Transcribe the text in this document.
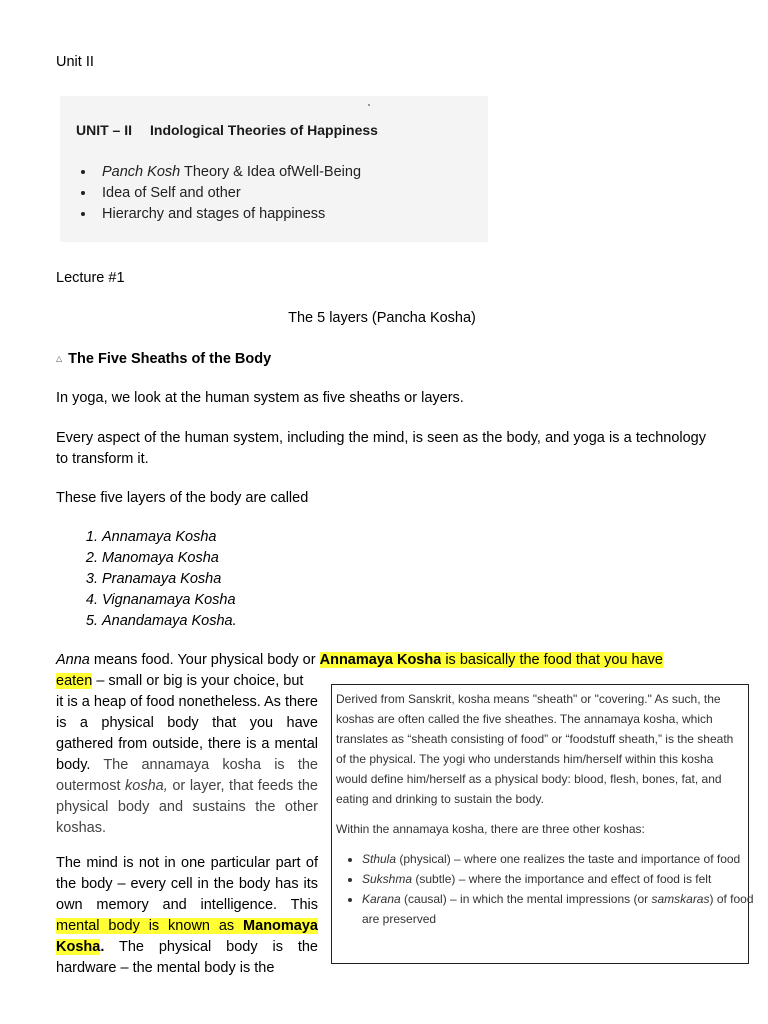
Unit II
UNIT – II Indological Theories of Happiness
• Panch Kosh Theory & Idea ofWell-Being
• Idea of Self and other
• Hierarchy and stages of happiness
Lecture #1
The 5 layers (Pancha Kosha)
△ The Five Sheaths of the Body
In yoga, we look at the human system as five sheaths or layers.
Every aspect of the human system, including the mind, is seen as the body, and yoga is a technology to transform it.
These five layers of the body are called
1. Annamaya Kosha
2. Manomaya Kosha
3. Pranamaya Kosha
4. Vignanamaya Kosha
5. Anandamaya Kosha.
Anna means food. Your physical body or Annamaya Kosha is basically the food that you have
eaten – small or big is your choice, but
it is a heap of food nonetheless. As there is a physical body that you have gathered from outside, there is a mental body. The annamaya kosha is the outermost kosha, or layer, that feeds the physical body and sustains the other koshas.
The mind is not in one particular part of the body – every cell in the body has its own memory and intelligence. This mental body is known as Manomaya Kosha. The physical body is the hardware – the mental body is the

Derived from Sanskrit, kosha means "sheath" or "covering." As such, the koshas are often called the five sheathes. The annamaya kosha, which translates as “sheath consisting of food” or “foodstuff sheath,” is the sheath of the physical. The yogi who understands him/herself within this kosha would define him/herself as a physical body: blood, flesh, bones, fat, and eating and drinking to sustain the body.

Within the annamaya kosha, there are three other koshas:

• Sthula (physical) – where one realizes the taste and importance of food
• Sukshma (subtle) – where the importance and effect of food is felt
• Karana (causal) – in which the mental impressions (or samskaras) of food are preserved
